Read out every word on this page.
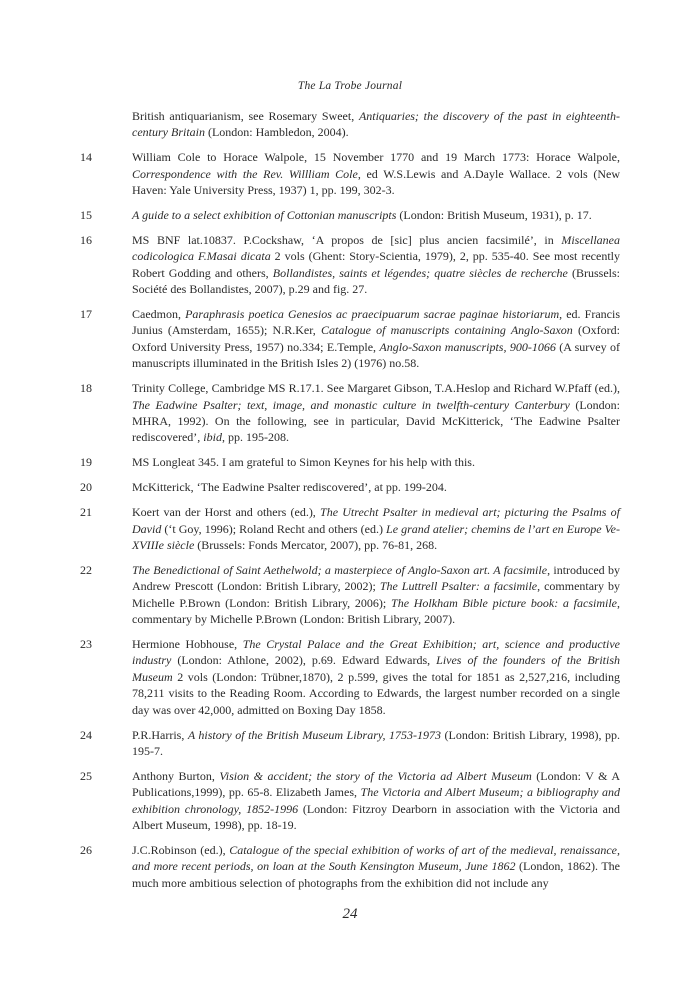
The La Trobe Journal
British antiquarianism, see Rosemary Sweet, Antiquaries; the discovery of the past in eighteenth-century Britain (London: Hambledon, 2004).
14	William Cole to Horace Walpole, 15 November 1770 and 19 March 1773: Horace Walpole, Correspondence with the Rev. Willliam Cole, ed W.S.Lewis and A.Dayle Wallace. 2 vols (New Haven: Yale University Press, 1937) 1, pp. 199, 302-3.
15	A guide to a select exhibition of Cottonian manuscripts (London: British Museum, 1931), p. 17.
16	MS BNF lat.10837. P.Cockshaw, ‘A propos de [sic] plus ancien facsimilé’, in Miscellanea codicologica F.Masai dicata 2 vols (Ghent: Story-Scientia, 1979), 2, pp. 535-40. See most recently Robert Godding and others, Bollandistes, saints et légendes; quatre siècles de recherche (Brussels: Société des Bollandistes, 2007), p.29 and fig. 27.
17	Caedmon, Paraphrasis poetica Genesios ac praecipuarum sacrae paginae historiarum, ed. Francis Junius (Amsterdam, 1655); N.R.Ker, Catalogue of manuscripts containing Anglo-Saxon (Oxford: Oxford University Press, 1957) no.334; E.Temple, Anglo-Saxon manuscripts, 900-1066 (A survey of manuscripts illuminated in the British Isles 2) (1976) no.58.
18	Trinity College, Cambridge MS R.17.1. See Margaret Gibson, T.A.Heslop and Richard W.Pfaff (ed.), The Eadwine Psalter; text, image, and monastic culture in twelfth-century Canterbury (London: MHRA, 1992). On the following, see in particular, David McKitterick, ‘The Eadwine Psalter rediscovered’, ibid, pp. 195-208.
19	MS Longleat 345. I am grateful to Simon Keynes for his help with this.
20	McKitterick, ‘The Eadwine Psalter rediscovered’, at pp. 199-204.
21	Koert van der Horst and others (ed.), The Utrecht Psalter in medieval art; picturing the Psalms of David (‘t Goy, 1996); Roland Recht and others (ed.) Le grand atelier; chemins de l’art en Europe Ve-XVIIIe siècle (Brussels: Fonds Mercator, 2007), pp. 76-81, 268.
22	The Benedictional of Saint Aethelwold; a masterpiece of Anglo-Saxon art. A facsimile, introduced by Andrew Prescott (London: British Library, 2002); The Luttrell Psalter: a facsimile, commentary by Michelle P.Brown (London: British Library, 2006); The Holkham Bible picture book: a facsimile, commentary by Michelle P.Brown (London: British Library, 2007).
23	Hermione Hobhouse, The Crystal Palace and the Great Exhibition; art, science and productive industry (London: Athlone, 2002), p.69. Edward Edwards, Lives of the founders of the British Museum 2 vols (London: Trübner,1870), 2 p.599, gives the total for 1851 as 2,527,216, including 78,211 visits to the Reading Room. According to Edwards, the largest number recorded on a single day was over 42,000, admitted on Boxing Day 1858.
24	P.R.Harris, A history of the British Museum Library, 1753-1973 (London: British Library, 1998), pp. 195-7.
25	Anthony Burton, Vision & accident; the story of the Victoria ad Albert Museum (London: V & A Publications,1999), pp. 65-8. Elizabeth James, The Victoria and Albert Museum; a bibliography and exhibition chronology, 1852-1996 (London: Fitzroy Dearborn in association with the Victoria and Albert Museum, 1998), pp. 18-19.
26	J.C.Robinson (ed.), Catalogue of the special exhibition of works of art of the medieval, renaissance, and more recent periods, on loan at the South Kensington Museum, June 1862 (London, 1862). The much more ambitious selection of photographs from the exhibition did not include any
24
